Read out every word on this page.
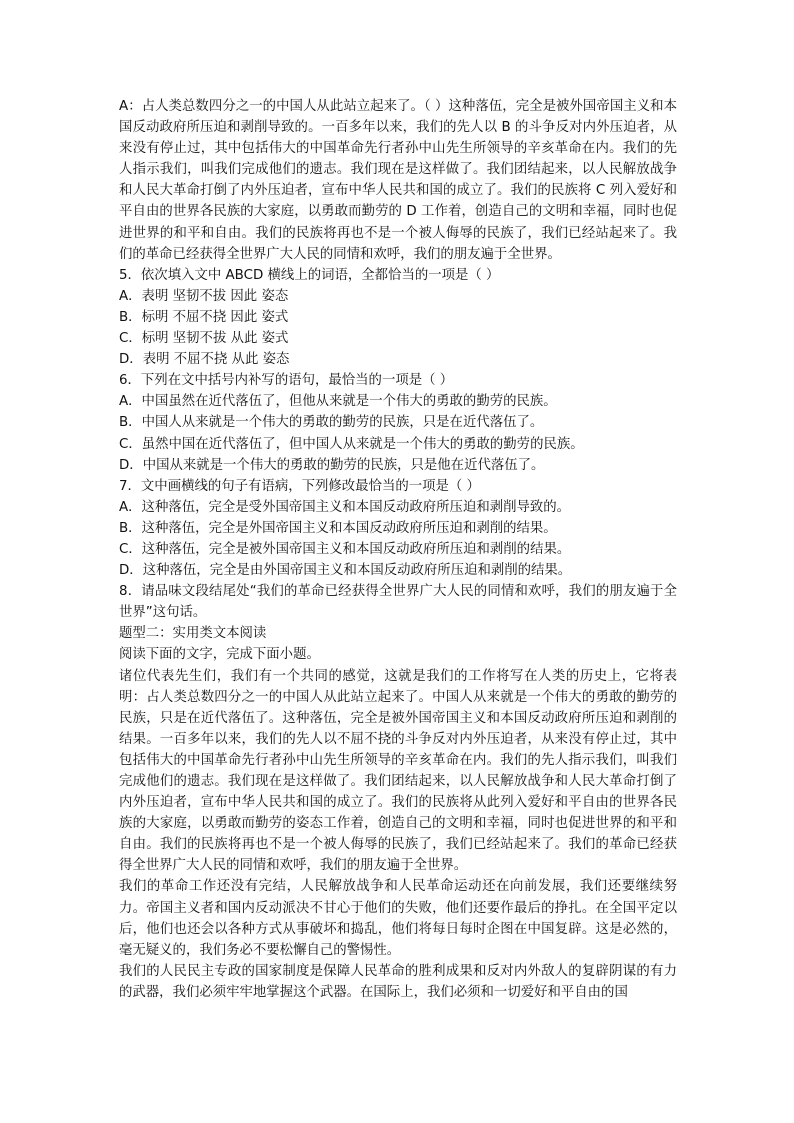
A：占人类总数四分之一的中国人从此站立起来了。（ ）这种落伍，完全是被外国帝国主义和本国反动政府所压迫和剥削导致的。一百多年以来，我们的先人以 B 的斗争反对内外压迫者，从来没有停止过，其中包括伟大的中国革命先行者孙中山先生所领导的辛亥革命在内。我们的先人指示我们，叫我们完成他们的遗志。我们现在是这样做了。我们团结起来，以人民解放战争和人民大革命打倒了内外压迫者，宣布中华人民共和国的成立了。我们的民族将 C 列入爱好和平自由的世界各民族的大家庭，以勇敢而勤劳的 D 工作着，创造自己的文明和幸福，同时也促进世界的和平和自由。我们的民族将再也不是一个被人侮辱的民族了，我们已经站起来了。我们的革命已经获得全世界广大人民的同情和欢呼，我们的朋友遍于全世界。

5．依次填入文中 ABCD 横线上的词语，全都恰当的一项是（ ）

A．表明 坚韧不拔 因此 姿态

B．标明 不屈不挠 因此 姿式

C．标明 坚韧不拔 从此 姿式

D．表明 不屈不挠 从此 姿态

6．下列在文中括号内补写的语句，最恰当的一项是（ ）

A．中国虽然在近代落伍了，但他从来就是一个伟大的勇敢的勤劳的民族。

B．中国人从来就是一个伟大的勇敢的勤劳的民族，只是在近代落伍了。

C．虽然中国在近代落伍了，但中国人从来就是一个伟大的勇敢的勤劳的民族。

D．中国从来就是一个伟大的勇敢的勤劳的民族，只是他在近代落伍了。

7．文中画横线的句子有语病，下列修改最恰当的一项是（ ）

A．这种落伍，完全是受外国帝国主义和本国反动政府所压迫和剥削导致的。

B．这种落伍，完全是外国帝国主义和本国反动政府所压迫和剥削的结果。

C．这种落伍，完全是被外国帝国主义和本国反动政府所压迫和剥削的结果。

D．这种落伍，完全是由外国帝国主义和本国反动政府所压迫和剥削的结果。

8．请品味文段结尾处“我们的革命已经获得全世界广大人民的同情和欢呼，我们的朋友遍于全世界”这句话。

题型二：实用类文本阅读

阅读下面的文字，完成下面小题。

诸位代表先生们，我们有一个共同的感觉，这就是我们的工作将写在人类的历史上，它将表明：占人类总数四分之一的中国人从此站立起来了。中国人从来就是一个伟大的勇敢的勤劳的民族，只是在近代落伍了。这种落伍，完全是被外国帝国主义和本国反动政府所压迫和剥削的结果。一百多年以来，我们的先人以不屈不挠的斗争反对内外压迫者，从来没有停止过，其中包括伟大的中国革命先行者孙中山先生所领导的辛亥革命在内。我们的先人指示我们，叫我们完成他们的遗志。我们现在是这样做了。我们团结起来，以人民解放战争和人民大革命打倒了内外压迫者，宣布中华人民共和国的成立了。我们的民族将从此列入爱好和平自由的世界各民族的大家庭，以勇敢而勤劳的姿态工作着，创造自己的文明和幸福，同时也促进世界的和平和自由。我们的民族将再也不是一个被人侮辱的民族了，我们已经站起来了。我们的革命已经获得全世界广大人民的同情和欢呼，我们的朋友遍于全世界。

我们的革命工作还没有完结，人民解放战争和人民革命运动还在向前发展，我们还要继续努力。帝国主义者和国内反动派决不甘心于他们的失败，他们还要作最后的挣扎。在全国平定以后，他们也还会以各种方式从事破坏和捣乱，他们将每日每时企图在中国复辟。这是必然的，毫无疑义的，我们务必不要松懈自己的警惕性。

我们的人民民主专政的国家制度是保障人民革命的胜利成果和反对内外敌人的复辟阴谋的有力的武器，我们必须牢牢地掌握这个武器。在国际上，我们必须和一切爱好和平自由的国
